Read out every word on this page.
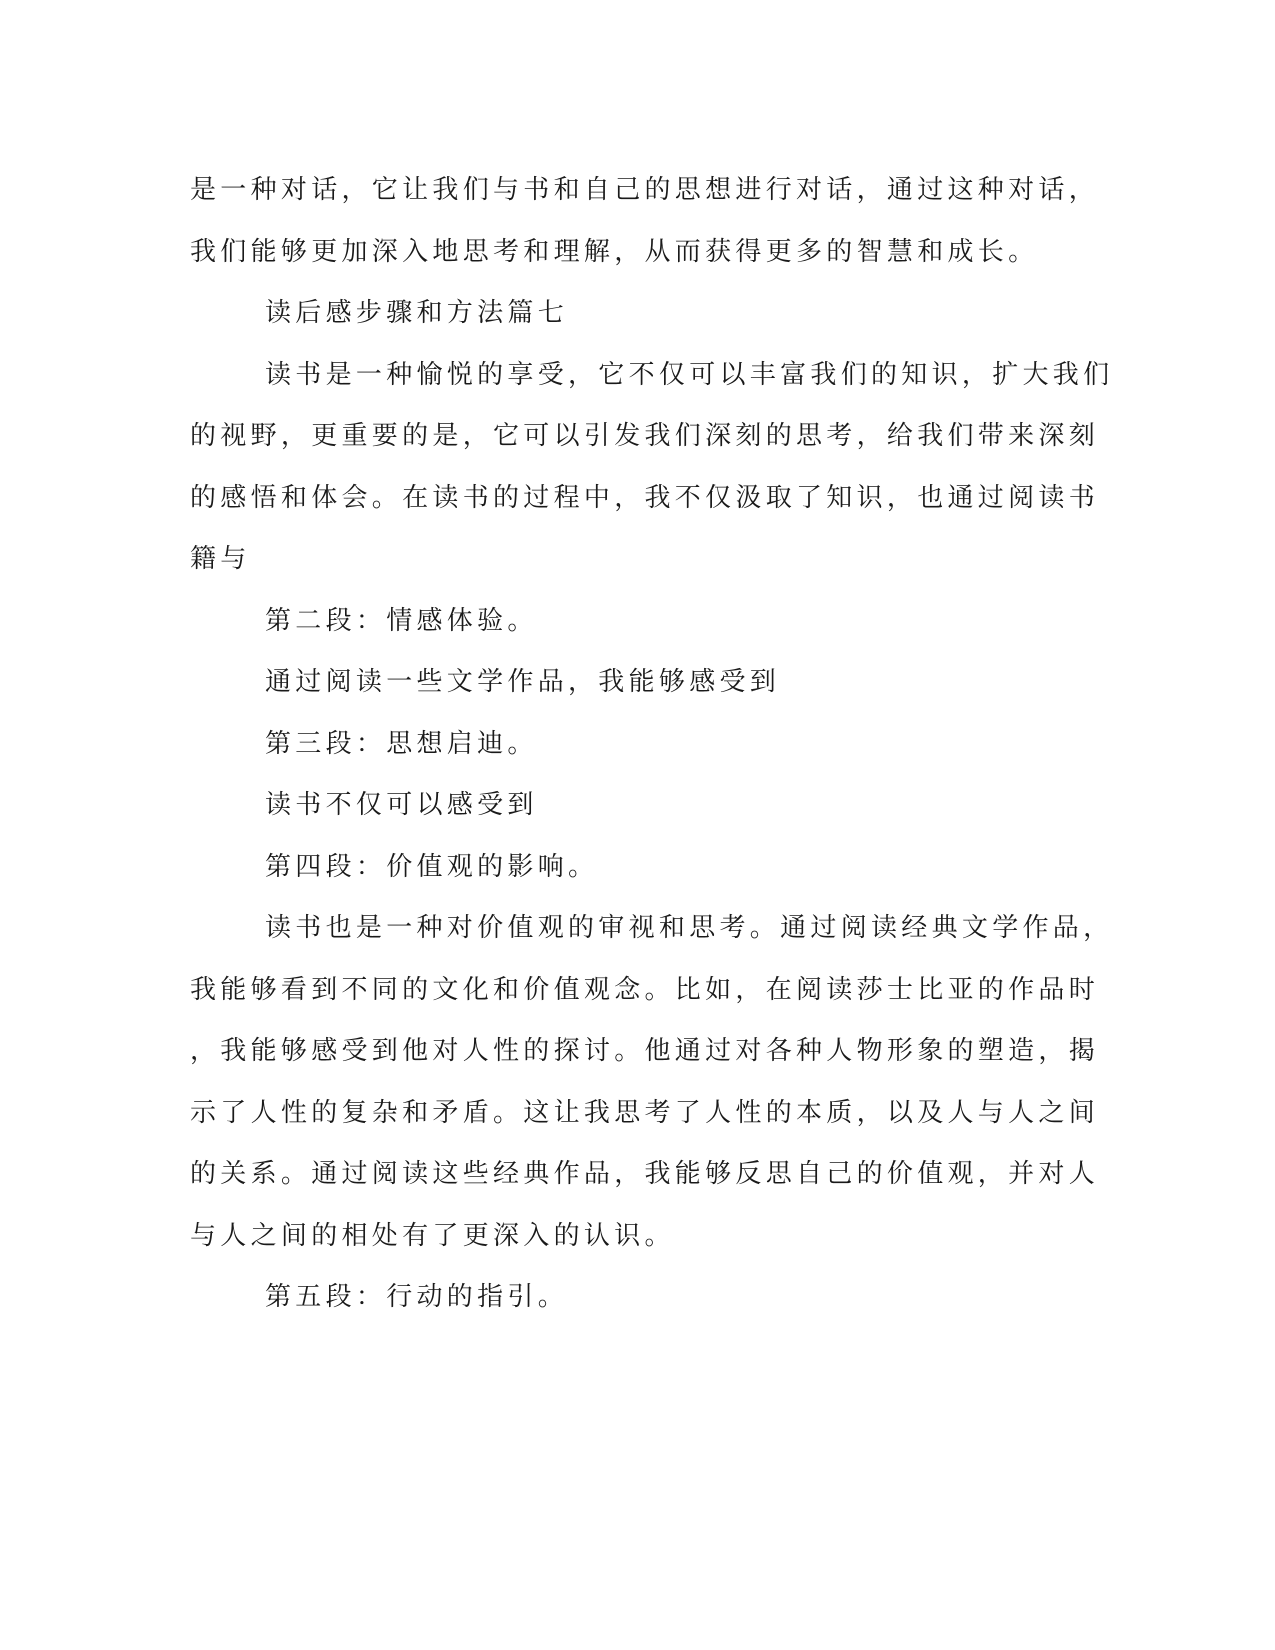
是一种对话，它让我们与书和自己的思想进行对话，通过这种对话，

我们能够更加深入地思考和理解，从而获得更多的智慧和成长。

读后感步骤和方法篇七

读书是一种愉悦的享受，它不仅可以丰富我们的知识，扩大我们

的视野，更重要的是，它可以引发我们深刻的思考，给我们带来深刻

的感悟和体会。在读书的过程中，我不仅汲取了知识，也通过阅读书

籍与

第二段：情感体验。

通过阅读一些文学作品，我能够感受到

第三段：思想启迪。

读书不仅可以感受到

第四段：价值观的影响。

读书也是一种对价值观的审视和思考。通过阅读经典文学作品，

我能够看到不同的文化和价值观念。比如，在阅读莎士比亚的作品时

，我能够感受到他对人性的探讨。他通过对各种人物形象的塑造，揭

示了人性的复杂和矛盾。这让我思考了人性的本质，以及人与人之间

的关系。通过阅读这些经典作品，我能够反思自己的价值观，并对人

与人之间的相处有了更深入的认识。

第五段：行动的指引。
